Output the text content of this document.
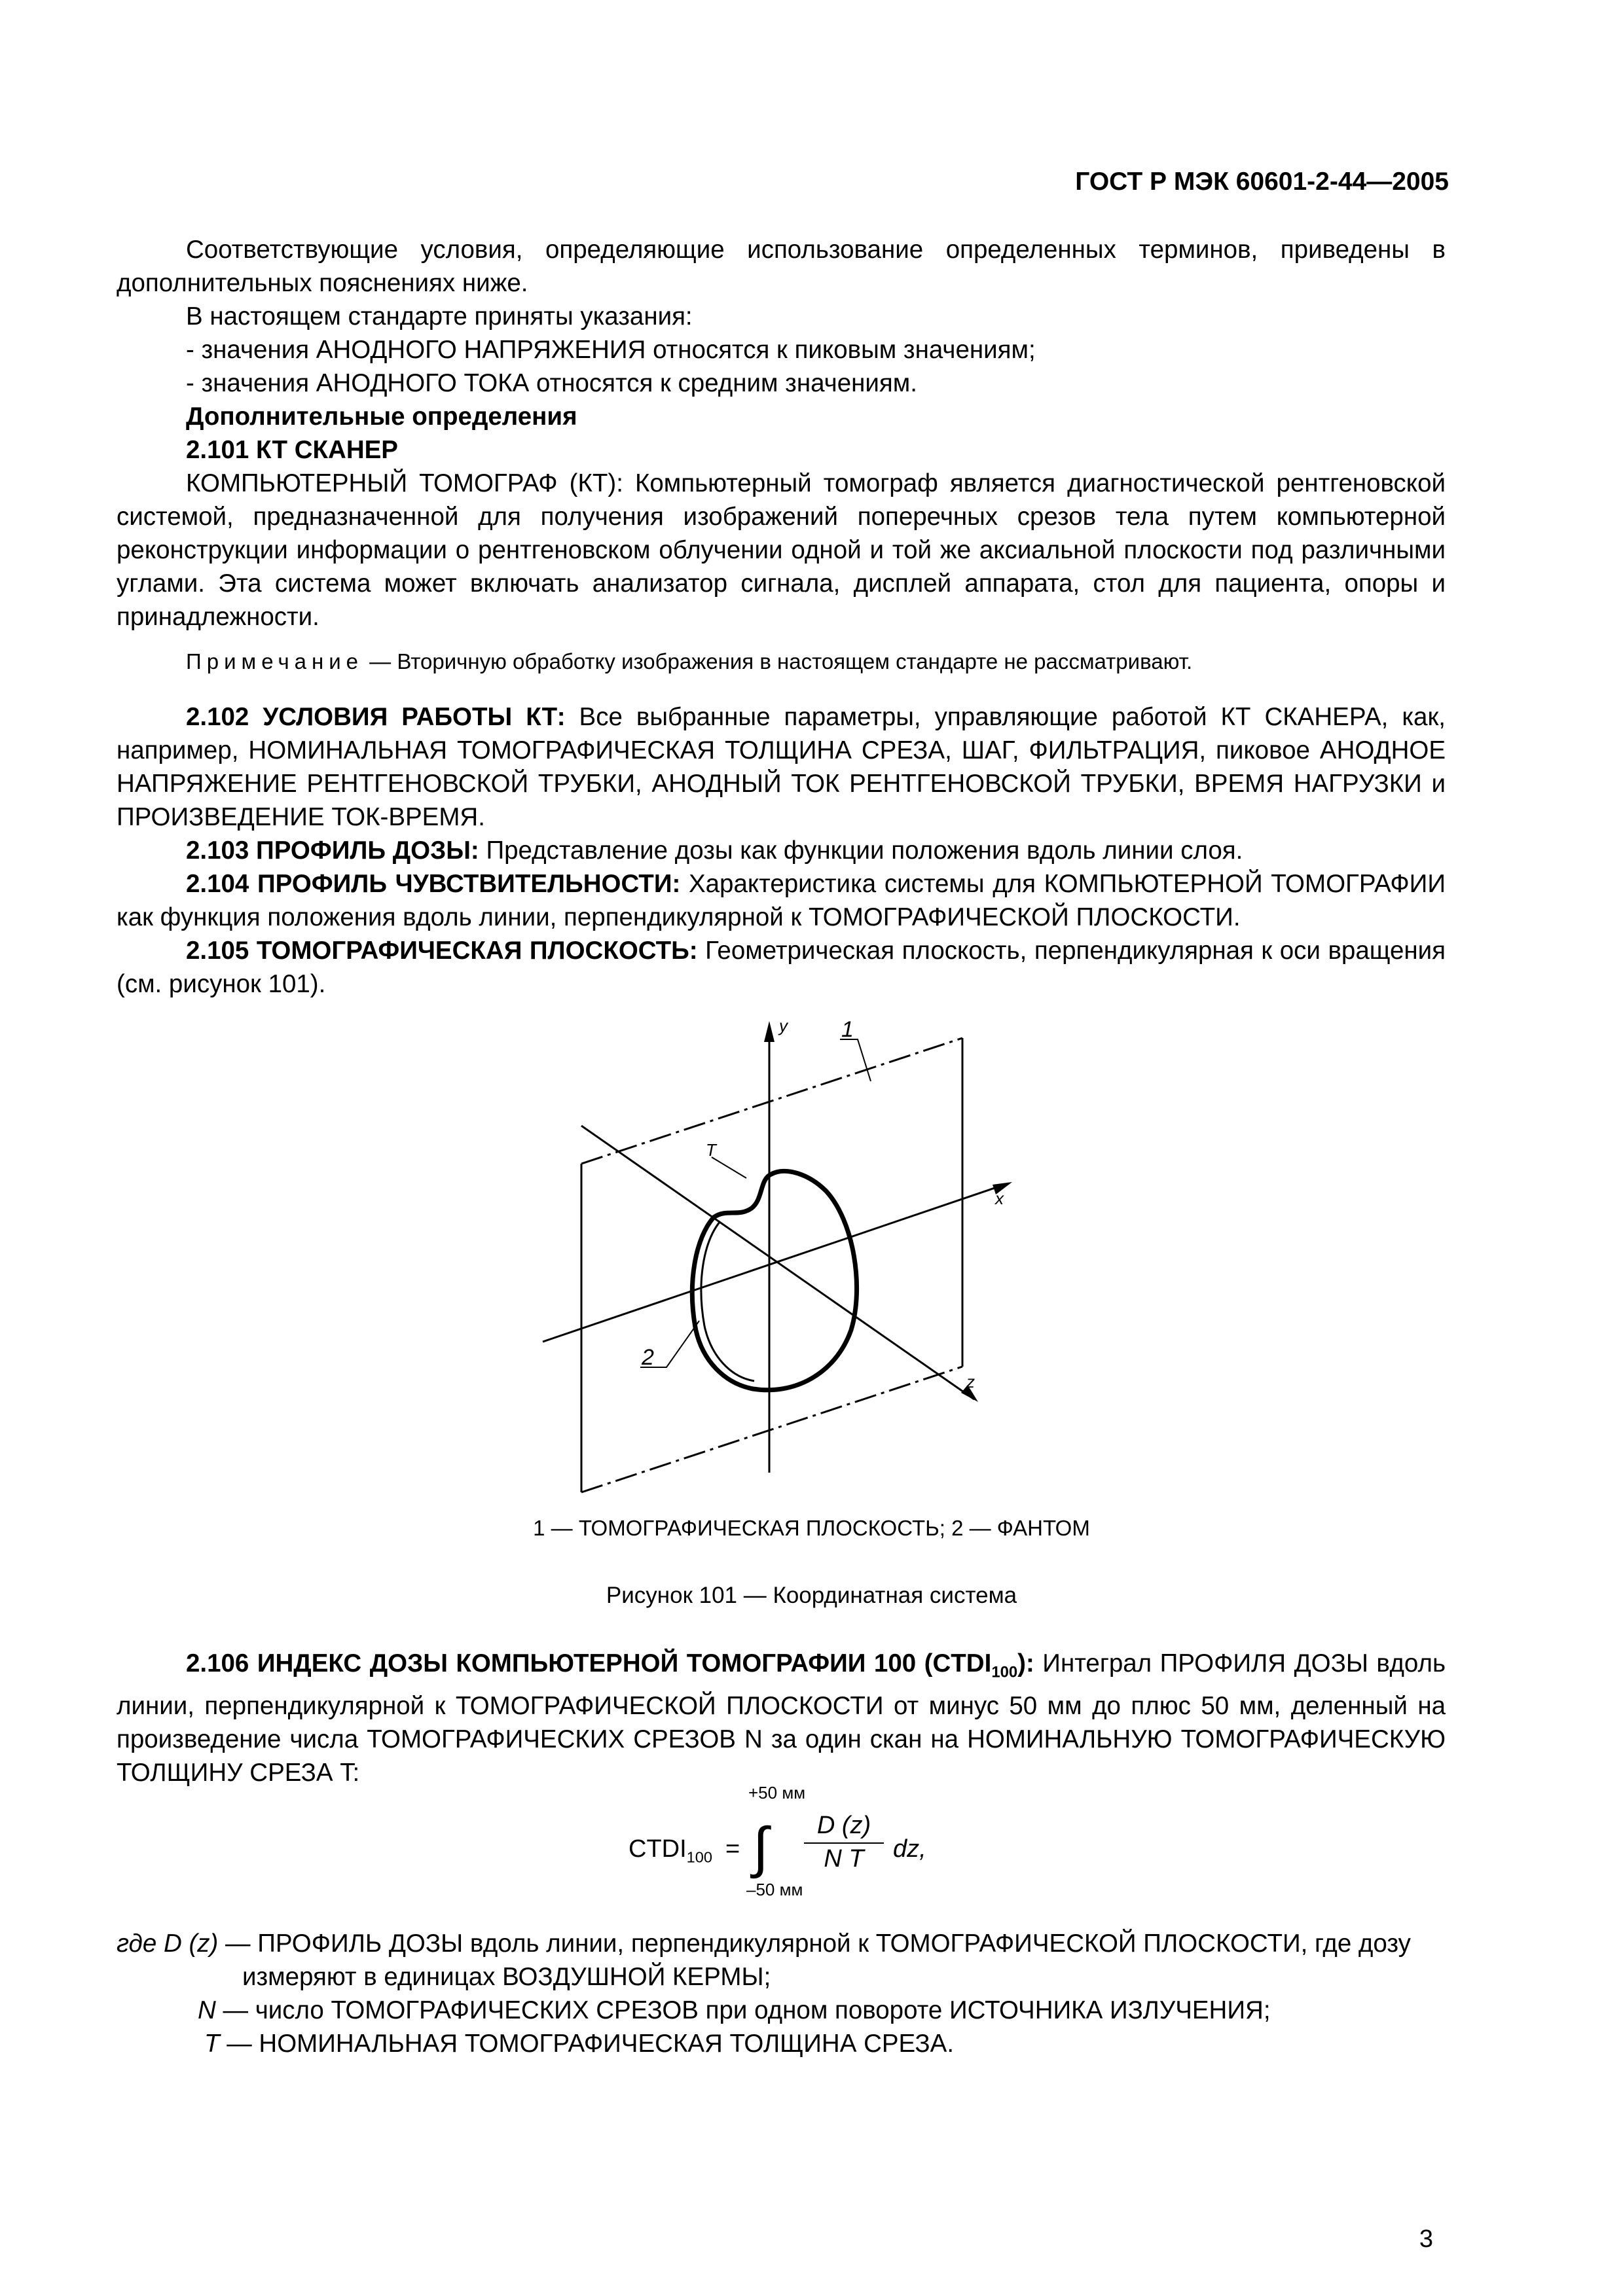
ГОСТ Р МЭК 60601-2-44—2005

Соответствующие условия, определяющие использование определенных терминов, приведены в дополнительных пояснениях ниже.

В настоящем стандарте приняты указания:

- значения АНОДНОГО НАПРЯЖЕНИЯ относятся к пиковым значениям;

- значения АНОДНОГО ТОКА относятся к средним значениям.

Дополнительные определения

2.101 КТ СКАНЕР

КОМПЬЮТЕРНЫЙ ТОМОГРАФ (КТ): Компьютерный томограф является диагностической рентгеновской системой, предназначенной для получения изображений поперечных срезов тела путем компьютерной реконструкции информации о рентгеновском облучении одной и той же аксиальной плоскости под различными углами. Эта система может включать анализатор сигнала, дисплей аппарата, стол для пациента, опоры и принадлежности.

Примечание — Вторичную обработку изображения в настоящем стандарте не рассматривают.

2.102 УСЛОВИЯ РАБОТЫ КТ: Все выбранные параметры, управляющие работой КТ СКАНЕРА, как, например, НОМИНАЛЬНАЯ ТОМОГРАФИЧЕСКАЯ ТОЛЩИНА СРЕЗА, ШАГ, ФИЛЬТРАЦИЯ, пиковое АНОДНОЕ НАПРЯЖЕНИЕ РЕНТГЕНОВСКОЙ ТРУБКИ, АНОДНЫЙ ТОК РЕНТГЕНОВСКОЙ ТРУБКИ, ВРЕМЯ НАГРУЗКИ и ПРОИЗВЕДЕНИЕ ТОК-ВРЕМЯ.

2.103 ПРОФИЛЬ ДОЗЫ: Представление дозы как функции положения вдоль линии слоя.

2.104 ПРОФИЛЬ ЧУВСТВИТЕЛЬНОСТИ: Характеристика системы для КОМПЬЮТЕРНОЙ ТОМОГРАФИИ как функция положения вдоль линии, перпендикулярной к ТОМОГРАФИЧЕСКОЙ ПЛОСКОСТИ.

2.105 ТОМОГРАФИЧЕСКАЯ ПЛОСКОСТЬ: Геометрическая плоскость, перпендикулярная к оси вращения (см. рисунок 101).

y
x
z
T
1
2
1 — ТОМОГРАФИЧЕСКАЯ ПЛОСКОСТЬ; 2 — ФАНТОМ
Рисунок 101 — Координатная система

2.106 ИНДЕКС ДОЗЫ КОМПЬЮТЕРНОЙ ТОМОГРАФИИ 100 $(CTDI_{100})$: Интеграл ПРОФИЛЯ ДОЗЫ вдоль линии, перпендикулярной к ТОМОГРАФИЧЕСКОЙ ПЛОСКОСТИ от минус 50 мм до плюс 50 мм, деленный на произведение числа ТОМОГРАФИЧЕСКИХ СРЕЗОВ N за один скан на НОМИНАЛЬНУЮ ТОМОГРАФИЧЕСКУЮ ТОЛЩИНУ СРЕЗА T:

+50 мм
$CTDI_{100}$ = ∫
–50 мм
$\frac{D (z)}{\text{N T}}$ dz,

где D (z) — ПРОФИЛЬ ДОЗЫ вдоль линии, перпендикулярной к ТОМОГРАФИЧЕСКОЙ ПЛОСКОСТИ, где дозу измеряют в единицах ВОЗДУШНОЙ КЕРМЫ;

N — число ТОМОГРАФИЧЕСКИХ СРЕЗОВ при одном повороте ИСТОЧНИКА ИЗЛУЧЕНИЯ;

T — НОМИНАЛЬНАЯ ТОМОГРАФИЧЕСКАЯ ТОЛЩИНА СРЕЗА.

3
